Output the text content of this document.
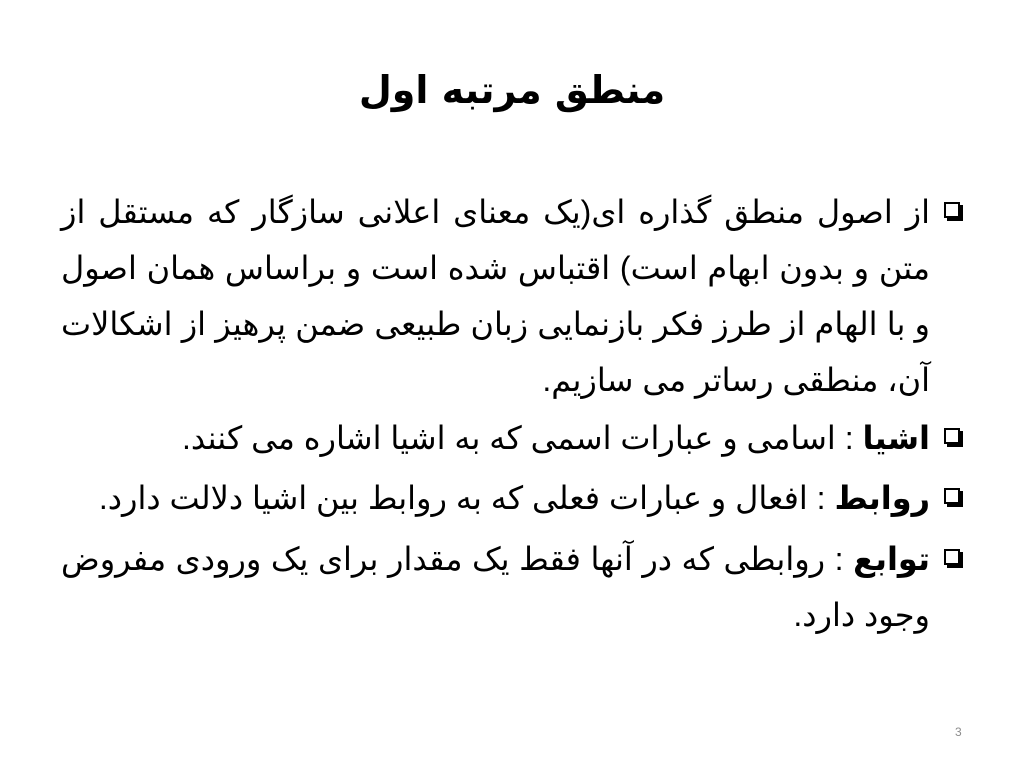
منطق مرتبه اول

از اصول منطق گذاره ای(یک معنای اعلانی سازگار که مستقل از متن و بدون ابهام است) اقتباس شده است و براساس همان اصول و با الهام از طرز فکر بازنمایی زبان طبیعی ضمن پرهیز از اشکالات آن، منطقی رساتر می سازیم.

اشیا : اسامی و عبارات اسمی که به اشیا اشاره می کنند.

روابط : افعال و عبارات فعلی که به روابط بین اشیا دلالت دارد.

توابع : روابطی که در آنها فقط یک مقدار برای یک ورودی مفروض وجود دارد.

3
